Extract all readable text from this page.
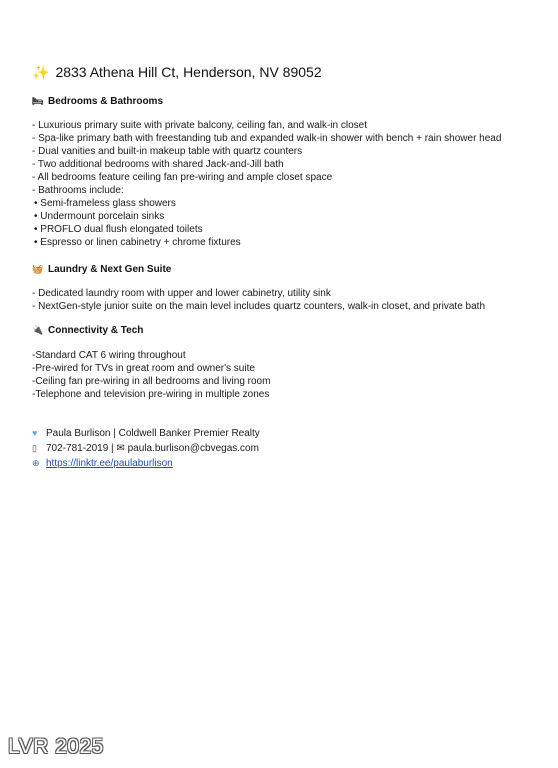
✨ 2833 Athena Hill Ct, Henderson, NV 89052
🛏 Bedrooms & Bathrooms
- Luxurious primary suite with private balcony, ceiling fan, and walk-in closet
- Spa-like primary bath with freestanding tub and expanded walk-in shower with bench + rain shower head
- Dual vanities and built-in makeup table with quartz counters
- Two additional bedrooms with shared Jack-and-Jill bath
- All bedrooms feature ceiling fan pre-wiring and ample closet space
- Bathrooms include:
• Semi-frameless glass showers
• Undermount porcelain sinks
• PROFLO dual flush elongated toilets
• Espresso or linen cabinetry + chrome fixtures
🧺 Laundry & Next Gen Suite
- Dedicated laundry room with upper and lower cabinetry, utility sink
- NextGen-style junior suite on the main level includes quartz counters, walk-in closet, and private bath
🔌 Connectivity & Tech
-Standard CAT 6 wiring throughout
-Pre-wired for TVs in great room and owner's suite
-Ceiling fan pre-wiring in all bedrooms and living room
-Telephone and television pre-wiring in multiple zones
♥ Paula Burlison | Coldwell Banker Premier Realty
▯ 702-781-2019 | ✉ paula.burlison@cbvegas.com
⊕ https://linktr.ee/paulaburlison
LVR 2025
